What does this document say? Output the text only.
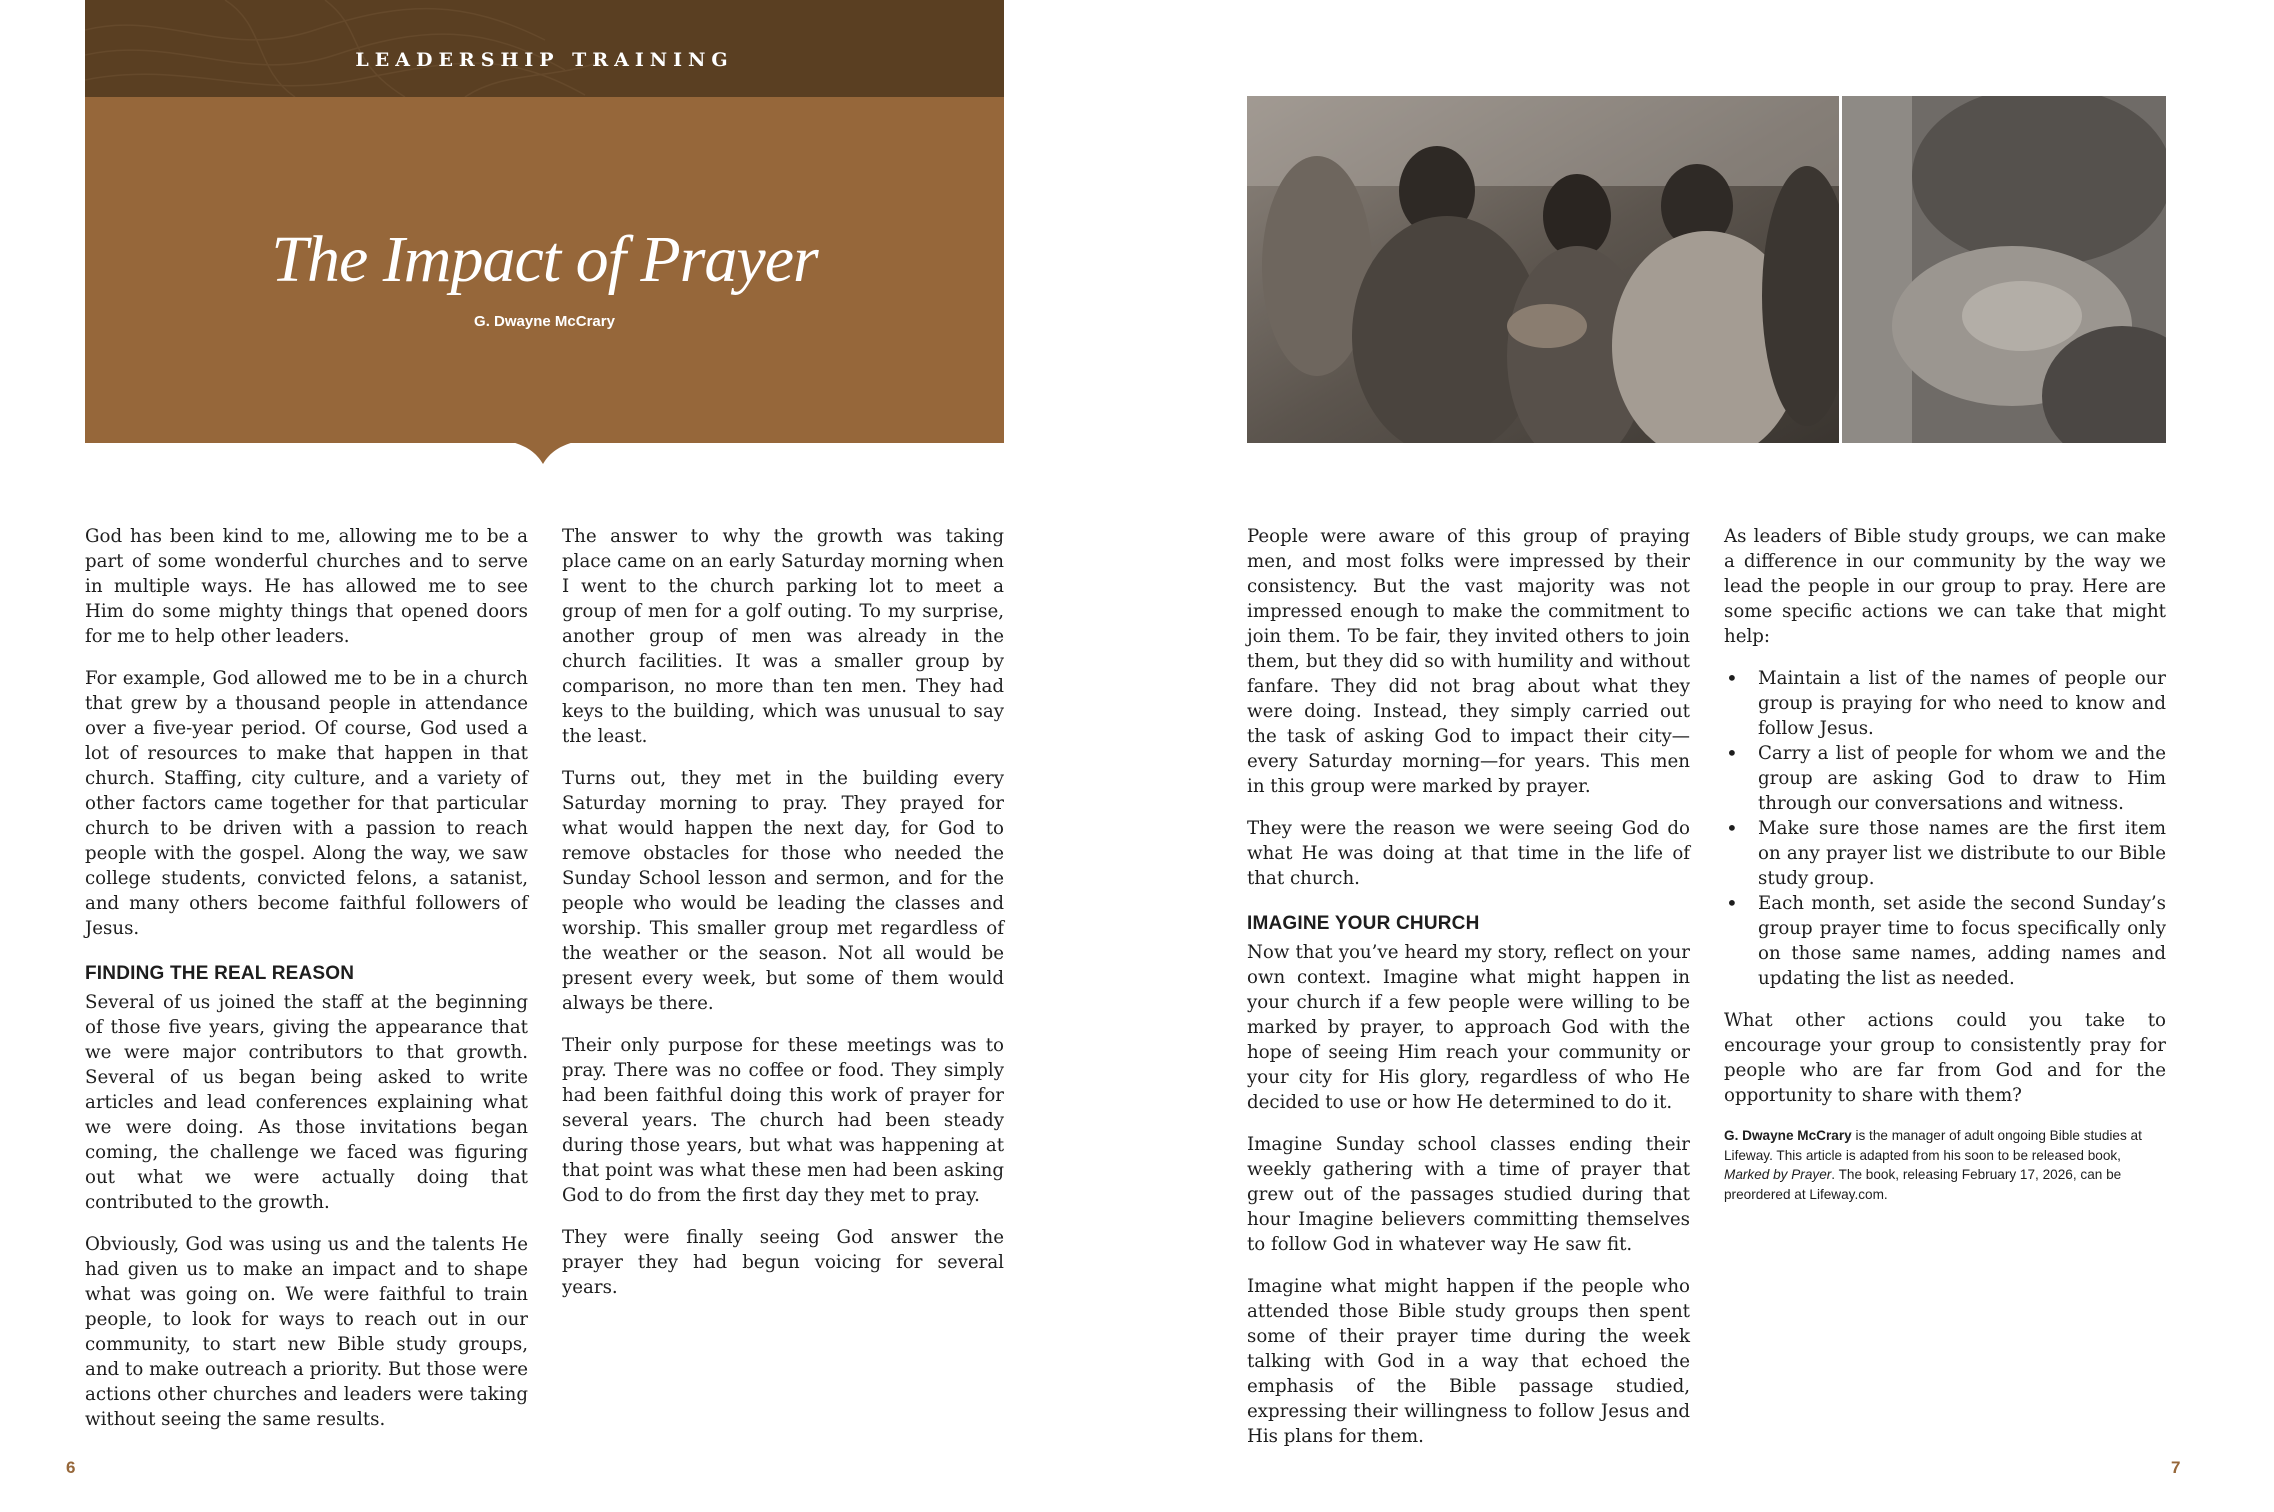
LEADERSHIP TRAINING
The Impact of Prayer
G. Dwayne McCrary

God has been kind to me, allowing me to be a part of some wonderful churches and to serve in multiple ways. He has allowed me to see Him do some mighty things that opened doors for me to help other leaders.

For example, God allowed me to be in a church that grew by a thousand people in attendance over a five-year period. Of course, God used a lot of resources to make that happen in that church. Staffing, city culture, and a variety of other factors came together for that particular church to be driven with a passion to reach people with the gospel. Along the way, we saw college students, convicted felons, a satanist, and many others become faithful followers of Jesus.

FINDING THE REAL REASON

Several of us joined the staff at the beginning of those five years, giving the appearance that we were major contributors to that growth. Several of us began being asked to write articles and lead conferences explaining what we were doing. As those invitations began coming, the challenge we faced was figuring out what we were actually doing that contributed to the growth.

Obviously, God was using us and the talents He had given us to make an impact and to shape what was going on. We were faithful to train people, to look for ways to reach out in our community, to start new Bible study groups, and to make outreach a priority. But those were actions other churches and leaders were taking without seeing the same results.

The answer to why the growth was taking place came on an early Saturday morning when I went to the church parking lot to meet a group of men for a golf outing. To my surprise, another group of men was already in the church facilities. It was a smaller group by comparison, no more than ten men. They had keys to the building, which was unusual to say the least.

Turns out, they met in the building every Saturday morning to pray. They prayed for what would happen the next day, for God to remove obstacles for those who needed the Sunday School lesson and sermon, and for the people who would be leading the classes and worship. This smaller group met regardless of the weather or the season. Not all would be present every week, but some of them would always be there.

Their only purpose for these meetings was to pray. There was no coffee or food. They simply had been faithful doing this work of prayer for several years. The church had been steady during those years, but what was happening at that point was what these men had been asking God to do from the first day they met to pray.

They were finally seeing God answer the prayer they had begun voicing for several years.

People were aware of this group of praying men, and most folks were impressed by their consistency. But the vast majority was not impressed enough to make the commitment to join them. To be fair, they invited others to join them, but they did so with humility and without fanfare. They did not brag about what they were doing. Instead, they simply carried out the task of asking God to impact their city—every Saturday morning—for years. This men in this group were marked by prayer.

They were the reason we were seeing God do what He was doing at that time in the life of that church.

IMAGINE YOUR CHURCH

Now that you’ve heard my story, reflect on your own context. Imagine what might happen in your church if a few people were willing to be marked by prayer, to approach God with the hope of seeing Him reach your community or your city for His glory, regardless of who He decided to use or how He determined to do it.

Imagine Sunday school classes ending their weekly gathering with a time of prayer that grew out of the passages studied during that hour Imagine believers committing themselves to follow God in whatever way He saw fit.

Imagine what might happen if the people who attended those Bible study groups then spent some of their prayer time during the week talking with God in a way that echoed the emphasis of the Bible passage studied, expressing their willingness to follow Jesus and His plans for them.

As leaders of Bible study groups, we can make a difference in our community by the way we lead the people in our group to pray. Here are some specific actions we can take that might help:

• Maintain a list of the names of people our group is praying for who need to know and follow Jesus.
• Carry a list of people for whom we and the group are asking God to draw to Him through our conversations and witness.
• Make sure those names are the first item on any prayer list we distribute to our Bible study group.
• Each month, set aside the second Sunday’s group prayer time to focus specifically only on those same names, adding names and updating the list as needed.

What other actions could you take to encourage your group to consistently pray for people who are far from God and for the opportunity to share with them?

G. Dwayne McCrary is the manager of adult ongoing Bible studies at Lifeway. This article is adapted from his soon to be released book, Marked by Prayer. The book, releasing February 17, 2026, can be preordered at Lifeway.com.

6	7
